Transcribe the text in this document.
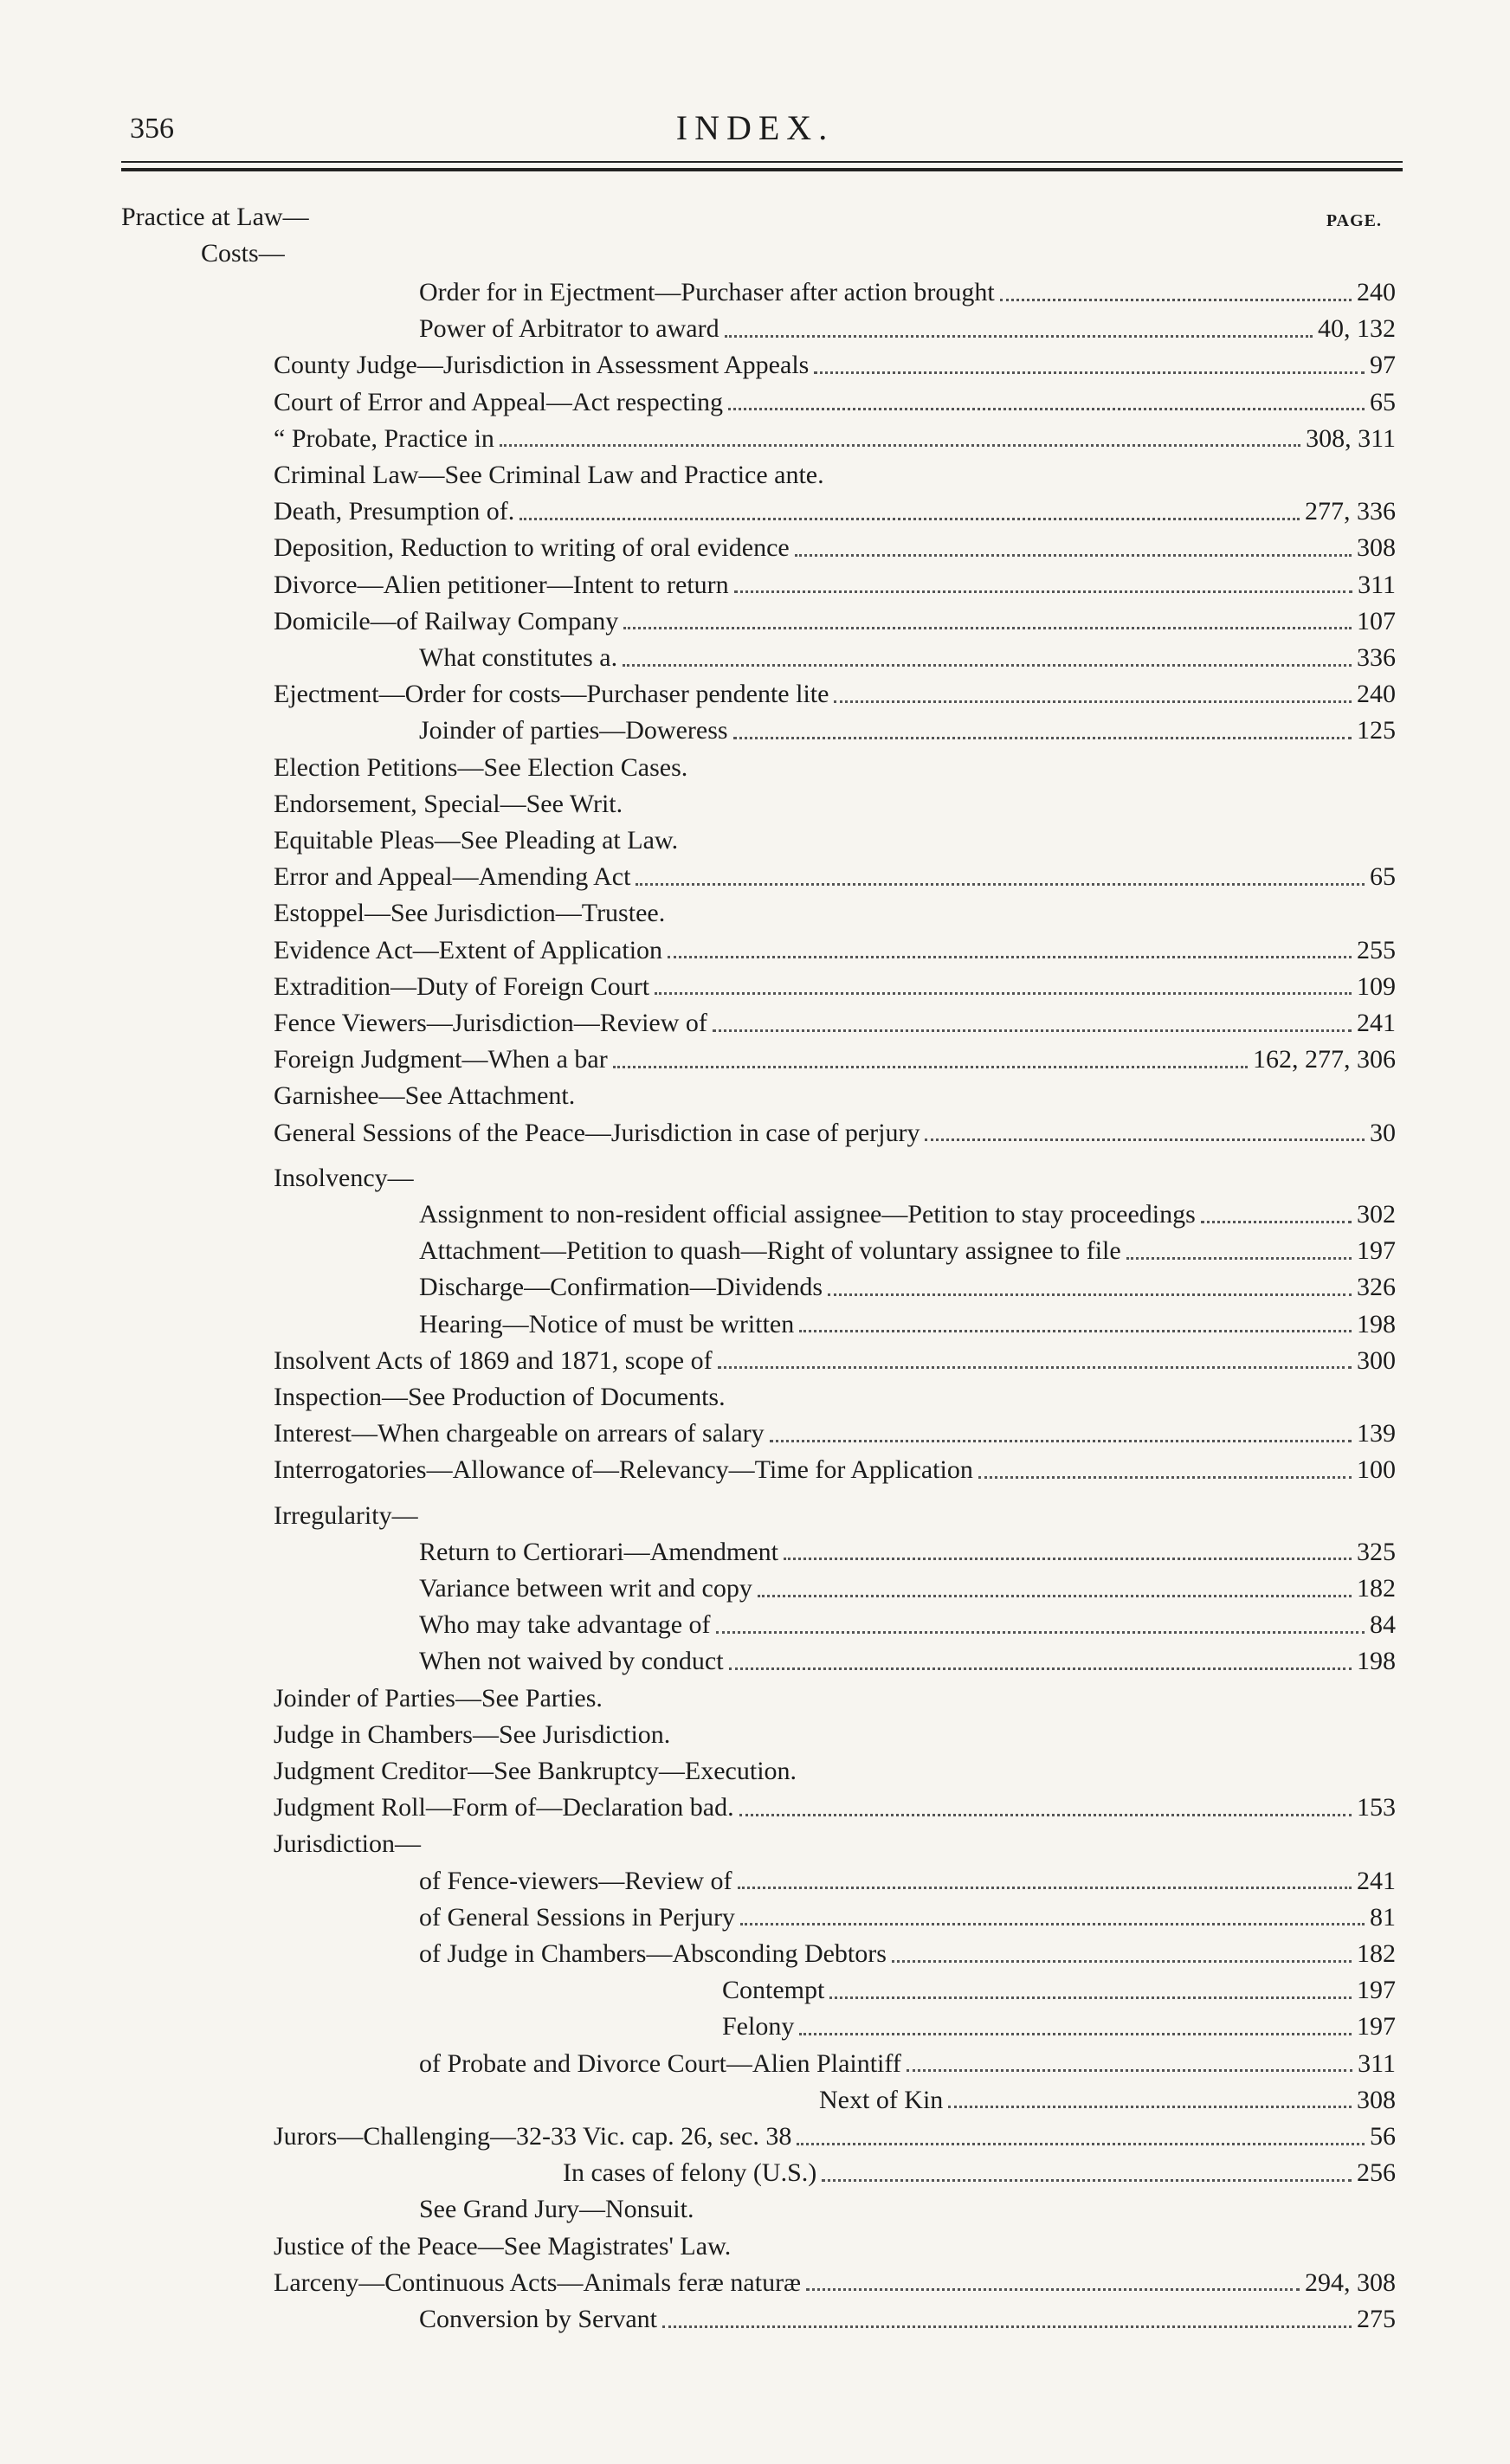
356	INDEX.
Practice at Law—	PAGE.
Costs—
Order for in Ejectment—Purchaser after action brought	240
Power of Arbitrator to award	40, 132
County Judge—Jurisdiction in Assessment Appeals	97
Court of Error and Appeal—Act respecting	65
“ Probate, Practice in	308, 311
Criminal Law—See Criminal Law and Practice ante.
Death, Presumption of.	277, 336
Deposition, Reduction to writing of oral evidence	308
Divorce—Alien petitioner—Intent to return	311
Domicile—of Railway Company	107
What constitutes a.	336
Ejectment—Order for costs—Purchaser pendente lite	240
Joinder of parties—Doweress	125
Election Petitions—See Election Cases.
Endorsement, Special—See Writ.
Equitable Pleas—See Pleading at Law.
Error and Appeal—Amending Act	65
Estoppel—See Jurisdiction—Trustee.
Evidence Act—Extent of Application	255
Extradition—Duty of Foreign Court	109
Fence Viewers—Jurisdiction—Review of	241
Foreign Judgment—When a bar	162, 277, 306
Garnishee—See Attachment.
General Sessions of the Peace—Jurisdiction in case of perjury	30
Insolvency—
Assignment to non-resident official assignee—Petition to stay proceedings	302
Attachment—Petition to quash—Right of voluntary assignee to file	197
Discharge—Confirmation—Dividends	326
Hearing—Notice of must be written	198
Insolvent Acts of 1869 and 1871, scope of	300
Inspection—See Production of Documents.
Interest—When chargeable on arrears of salary	139
Interrogatories—Allowance of—Relevancy—Time for Application	100
Irregularity—
Return to Certiorari—Amendment	325
Variance between writ and copy	182
Who may take advantage of	84
When not waived by conduct	198
Joinder of Parties—See Parties.
Judge in Chambers—See Jurisdiction.
Judgment Creditor—See Bankruptcy—Execution.
Judgment Roll—Form of—Declaration bad.	153
Jurisdiction—
of Fence-viewers—Review of	241
of General Sessions in Perjury	81
of Judge in Chambers—Absconding Debtors	182
Contempt	197
Felony	197
of Probate and Divorce Court—Alien Plaintiff	311
Next of Kin	308
Jurors—Challenging—32-33 Vic. cap. 26, sec. 38	56
In cases of felony (U.S.)	256
See Grand Jury—Nonsuit.
Justice of the Peace—See Magistrates' Law.
Larceny—Continuous Acts—Animals feræ naturæ	294, 308
Conversion by Servant	275
